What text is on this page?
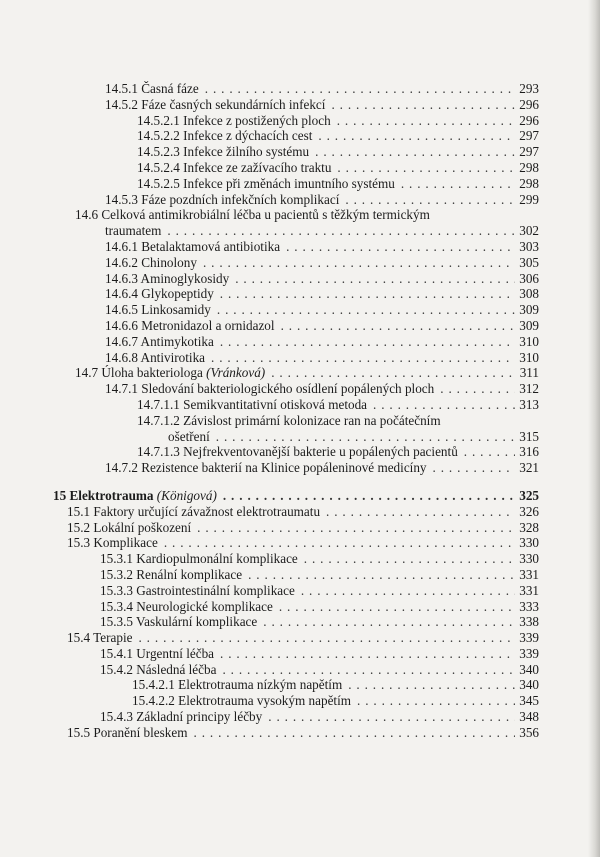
14.5.1 Časná fáze . . .	293
14.5.2 Fáze časných sekundárních infekcí . . .	296
14.5.2.1 Infekce z postižených ploch . . .	296
14.5.2.2 Infekce z dýchacích cest . . .	297
14.5.2.3 Infekce žilního systému . . .	297
14.5.2.4 Infekce ze zažívacího traktu . . .	298
14.5.2.5 Infekce při změnách imuntního systému . . .	298
14.5.3 Fáze pozdních infekčních komplikací . . .	299
14.6 Celková antimikrobiální léčba u pacientů s těžkým termickým
traumatem . . .	302
14.6.1 Betalaktamová antibiotika . . .	303
14.6.2 Chinolony . . .	305
14.6.3 Aminoglykosidy . . .	306
14.6.4 Glykopeptidy . . .	308
14.6.5 Linkosamidy . . .	309
14.6.6 Metronidazol a ornidazol . . .	309
14.6.7 Antimykotika . . .	310
14.6.8 Antivirotika . . .	310
14.7 Úloha bakteriologa (Vránková) . . .	311
14.7.1 Sledování bakteriologického osídlení popálených ploch . . .	312
14.7.1.1 Semikvantitativní otisková metoda . . .	313
14.7.1.2 Závislost primární kolonizace ran na počátečním
ošetření . . .	315
14.7.1.3 Nejfrekventovanější bakterie u popálených pacientů . . .	316
14.7.2 Rezistence bakterií na Klinice popáleninové medicíny . . .	321
15 Elektrotrauma (Königová) . . .	325
15.1 Faktory určující závažnost elektrotraumatu . . .	326
15.2 Lokální poškození . . .	328
15.3 Komplikace . . .	330
15.3.1 Kardiopulmonální komplikace . . .	330
15.3.2 Renální komplikace . . .	331
15.3.3 Gastrointestinální komplikace . . .	331
15.3.4 Neurologické komplikace . . .	333
15.3.5 Vaskulární komplikace . . .	338
15.4 Terapie . . .	339
15.4.1 Urgentní léčba . . .	339
15.4.2 Následná léčba . . .	340
15.4.2.1 Elektrotrauma nízkým napětím . . .	340
15.4.2.2 Elektrotrauma vysokým napětím . . .	345
15.4.3 Základní principy léčby . . .	348
15.5 Poranění bleskem . . .	356
